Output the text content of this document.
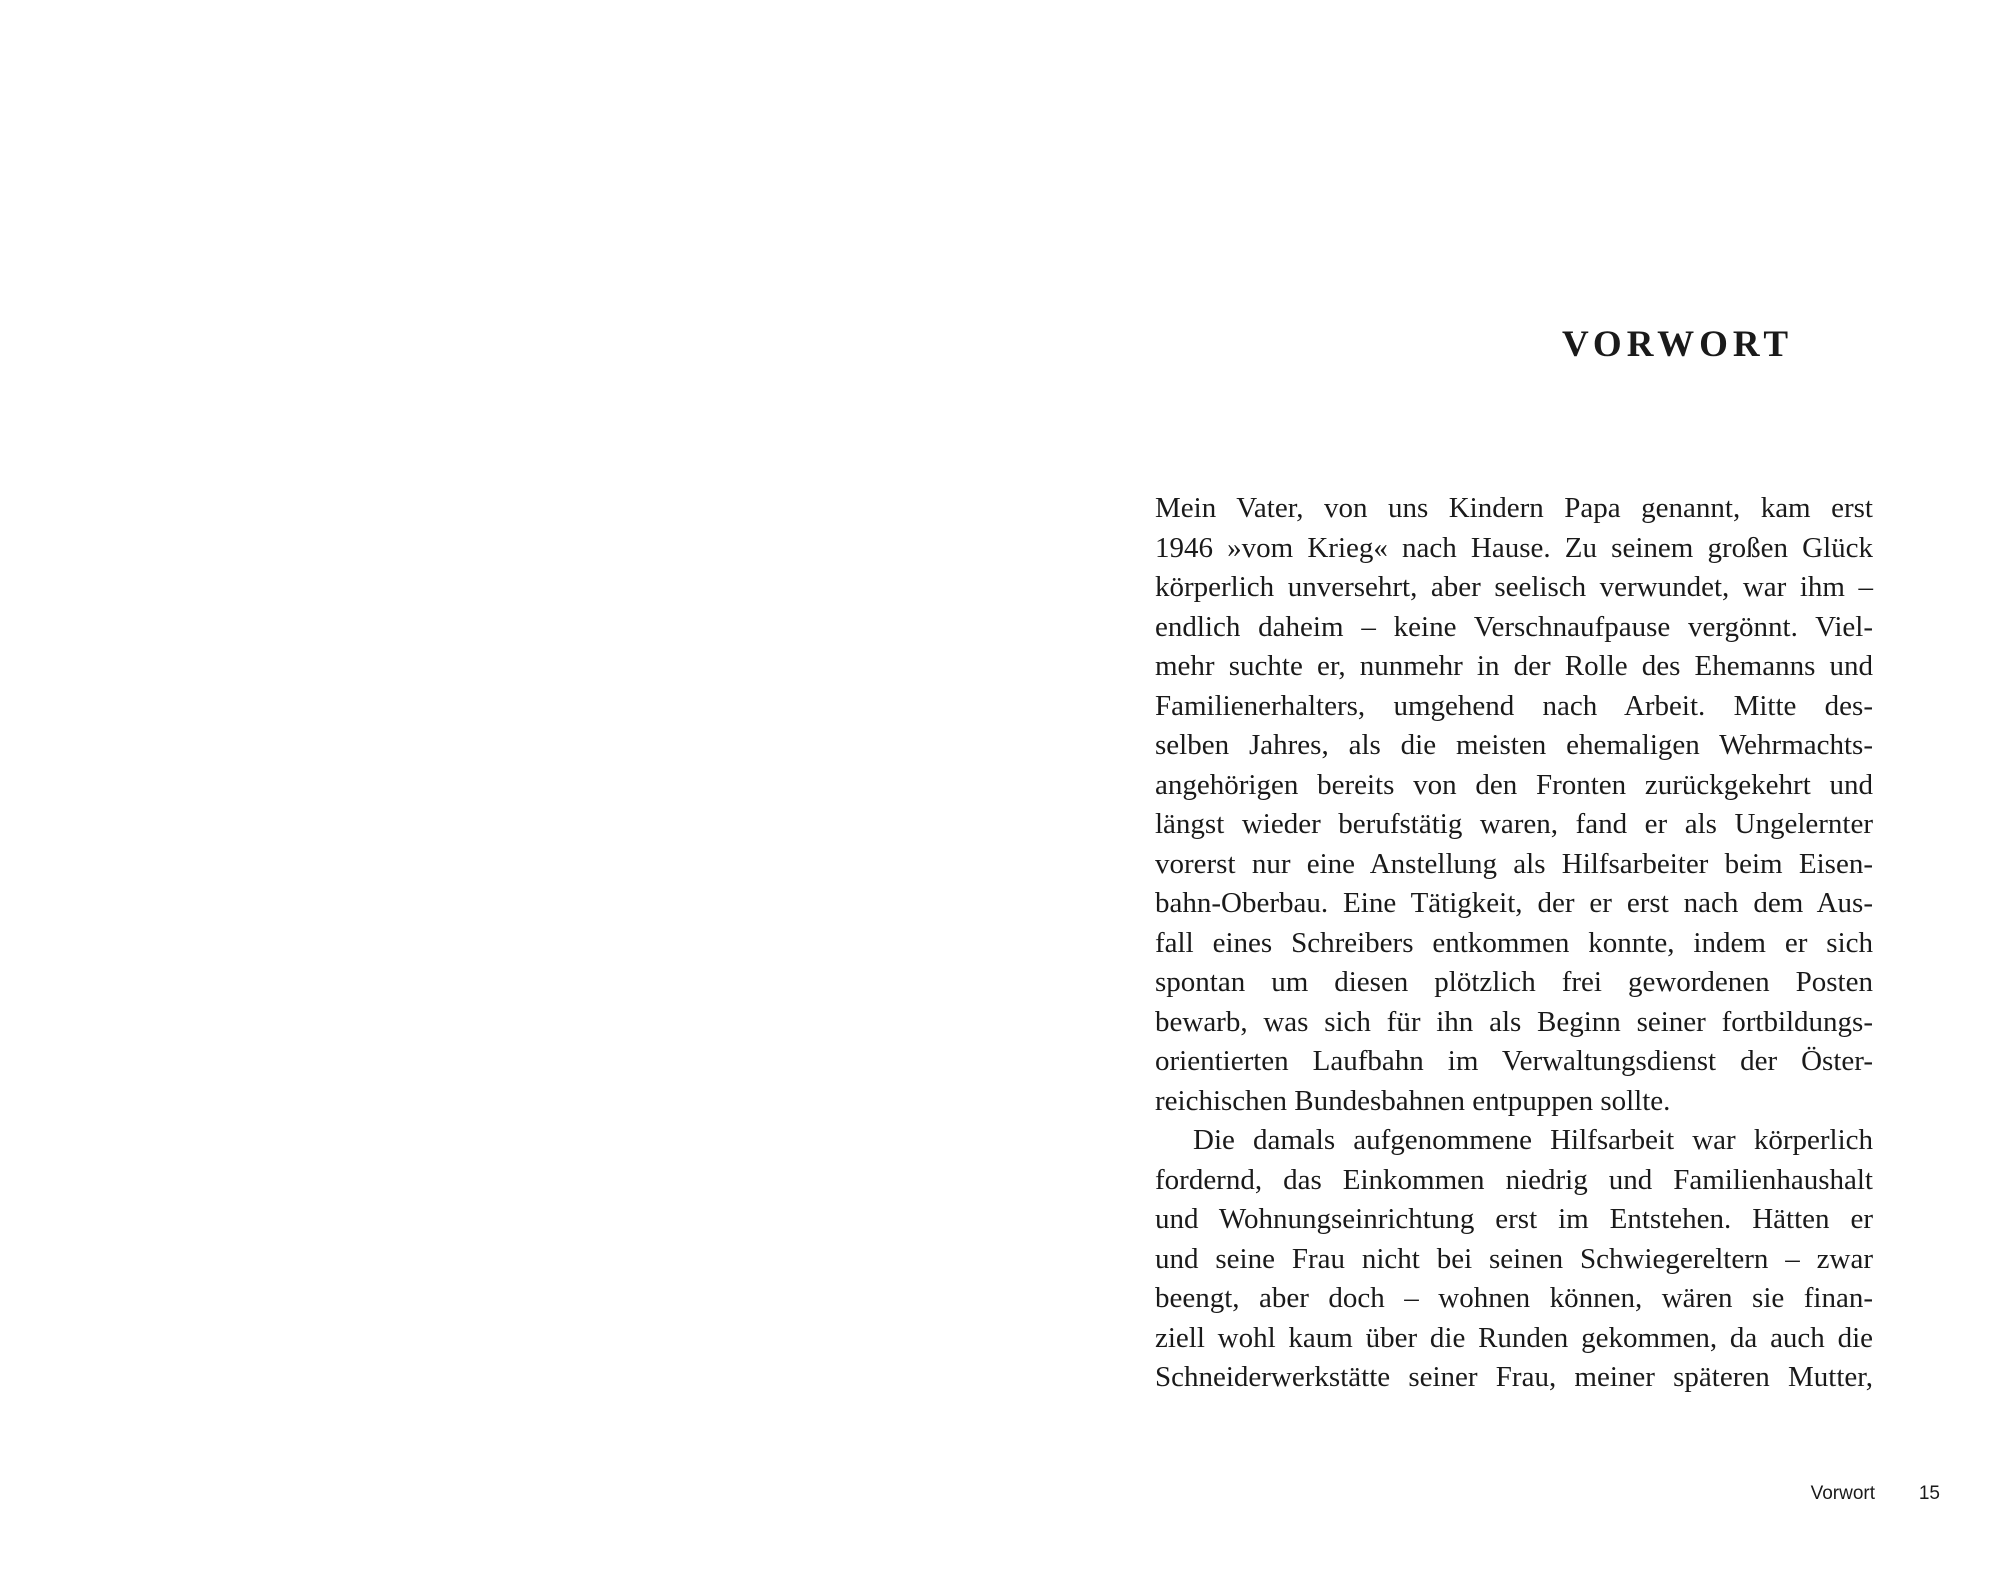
VORWORT
Mein Vater, von uns Kindern Papa genannt, kam erst
1946 »vom Krieg« nach Hause. Zu seinem großen Glück
körperlich unversehrt, aber seelisch verwundet, war ihm –
endlich daheim – keine Verschnaufpause vergönnt. Viel-
mehr suchte er, nunmehr in der Rolle des Ehemanns und
Familienerhalters, umgehend nach Arbeit. Mitte des-
selben Jahres, als die meisten ehemaligen Wehrmachts-
angehörigen bereits von den Fronten zurückgekehrt und
längst wieder berufstätig waren, fand er als Ungelernter
vorerst nur eine Anstellung als Hilfsarbeiter beim Eisen-
bahn-Oberbau. Eine Tätigkeit, der er erst nach dem Aus-
fall eines Schreibers entkommen konnte, indem er sich
spontan um diesen plötzlich frei gewordenen Posten
bewarb, was sich für ihn als Beginn seiner fortbildungs-
orientierten Laufbahn im Verwaltungsdienst der Öster-
reichischen Bundesbahnen entpuppen sollte.
Die damals aufgenommene Hilfsarbeit war körperlich
fordernd, das Einkommen niedrig und Familienhaushalt
und Wohnungseinrichtung erst im Entstehen. Hätten er
und seine Frau nicht bei seinen Schwiegereltern – zwar
beengt, aber doch – wohnen können, wären sie finan-
ziell wohl kaum über die Runden gekommen, da auch die
Schneiderwerkstätte seiner Frau, meiner späteren Mutter,
Vorwort 15
